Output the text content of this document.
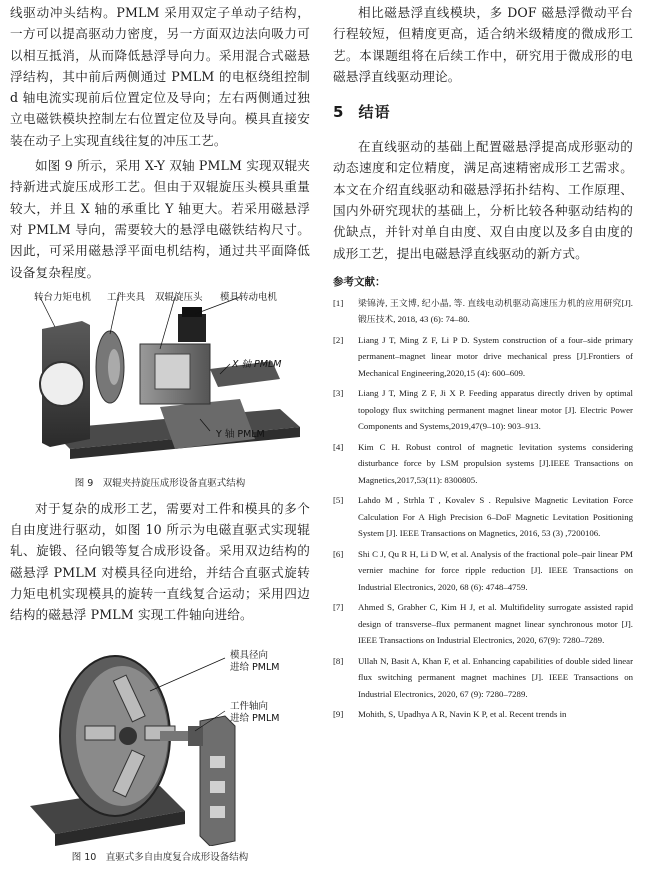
线驱动冲头结构。PMLM 采用双定子单动子结构，一方可以提高驱动力密度，另一方面双边法向吸力可以相互抵消，从而降低悬浮导向力。采用混合式磁悬浮结构，其中前后两侧通过 PMLM 的电枢绕组控制 d 轴电流实现前后位置定位及导向；左右两侧通过独立电磁铁模块控制左右位置定位及导向。模具直接安装在动子上实现直线往复的冲压工艺。

如图 9 所示，采用 X-Y 双轴 PMLM 实现双辊夹持新进式旋压成形工艺。但由于双辊旋压头模具重量较大，并且 X 轴的承重比 Y 轴更大。若采用磁悬浮对 PMLM 导向，需要较大的悬浮电磁铁结构尺寸。因此，可采用磁悬浮平面电机结构，通过共平面降低设备复杂程度。

转台力矩电机 工件夹具 双辊旋压头 模具转动电机
X 轴 PMLM
Y 轴 PMLM

图 9　双辊夹持旋压成形设备直驱式结构

对于复杂的成形工艺，需要对工件和模具的多个自由度进行驱动，如图 10 所示为电磁直驱式实现辊轧、旋锻、径向锻等复合成形设备。采用双边结构的磁悬浮 PMLM 对模具径向进给，并结合直驱式旋转力矩电机实现模具的旋转一直线复合运动；采用四边结构的磁悬浮 PMLM 实现工件轴向进给。

模具径向
进给 PMLM
工件轴向
进给 PMLM

图 10　直驱式多自由度复合成形设备结构

相比磁悬浮直线模块，多 DOF 磁悬浮微动平台行程较短，但精度更高，适合纳米级精度的微成形工艺。本课题组将在后续工作中，研究用于微成形的电磁悬浮直线驱动理论。

5 结语

在直线驱动的基础上配置磁悬浮提高成形驱动的动态速度和定位精度，满足高速精密成形工艺需求。本文在介绍直线驱动和磁悬浮拓扑结构、工作原理、国内外研究现状的基础上，分析比较各种驱动结构的优缺点，并针对单自由度、双自由度以及多自由度的成形工艺，提出电磁悬浮直线驱动的新方式。

参考文献：

[1] 梁锦涛, 王文博, 纪小晶, 等. 直线电动机驱动高速压力机的应用研究[J]. 锻压技术, 2018, 43 (6): 74–80.

[2] Liang J T, Ming Z F, Li P D. System construction of a four–side primary permanent–magnet linear motor drive mechanical press [J].Frontiers of Mechanical Engineering,2020,15 (4): 600–609.

[3] Liang J T, Ming Z F, Ji X P. Feeding apparatus directly driven by optimal topology flux switching permanent magnet linear motor [J]. Electric Power Components and Systems,2019,47(9–10): 903–913.

[4] Kim C H. Robust control of magnetic levitation systems considering disturbance force by LSM propulsion systems [J].IEEE Transactions on Magnetics,2017,53(11): 8300805.

[5] Lahdo M , Strhla T , Kovalev S . Repulsive Magnetic Levitation Force Calculation For A High Precision 6–DoF Magnetic Levitation Positioning System [J]. IEEE Transactions on Magnetics, 2016, 53 (3) ,7200106.

[6] Shi C J, Qu R H, Li D W, et al. Analysis of the fractional pole–pair linear PM vernier machine for force ripple reduction [J]. IEEE Transactions on Industrial Electronics, 2020, 68 (6): 4748–4759.

[7] Ahmed S, Grabher C, Kim H J, et al. Multifidelity surrogate assisted rapid design of transverse–flux permanent magnet linear synchronous motor [J]. IEEE Transactions on Industrial Electronics, 2020, 67(9): 7280–7289.

[8] Ullah N, Basit A, Khan F, et al. Enhancing capabilities of double sided linear flux switching permanent magnet machines [J]. IEEE Transactions on Industrial Electronics, 2020, 67 (9): 7280–7289.

[9] Mohith, S, Upadhya A R, Navin K P, et al. Recent trends in
